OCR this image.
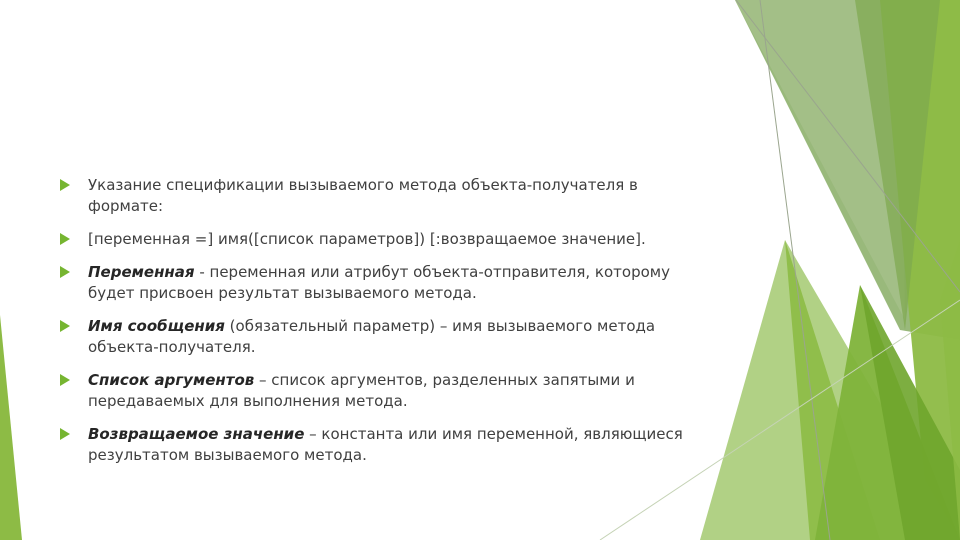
Указание спецификации вызываемого метода объекта-получателя в формате:
[переменная =] имя([список параметров]) [:возвращаемое значение].
Переменная - переменная или атрибут объекта-отправителя, которому будет присвоен результат вызываемого метода.
Имя сообщения (обязательный параметр) – имя вызываемого метода объекта-получателя.
Список аргументов – список аргументов, разделенных запятыми и передаваемых для выполнения метода.
Возвращаемое значение – константа или имя переменной, являющиеся результатом вызываемого метода.
